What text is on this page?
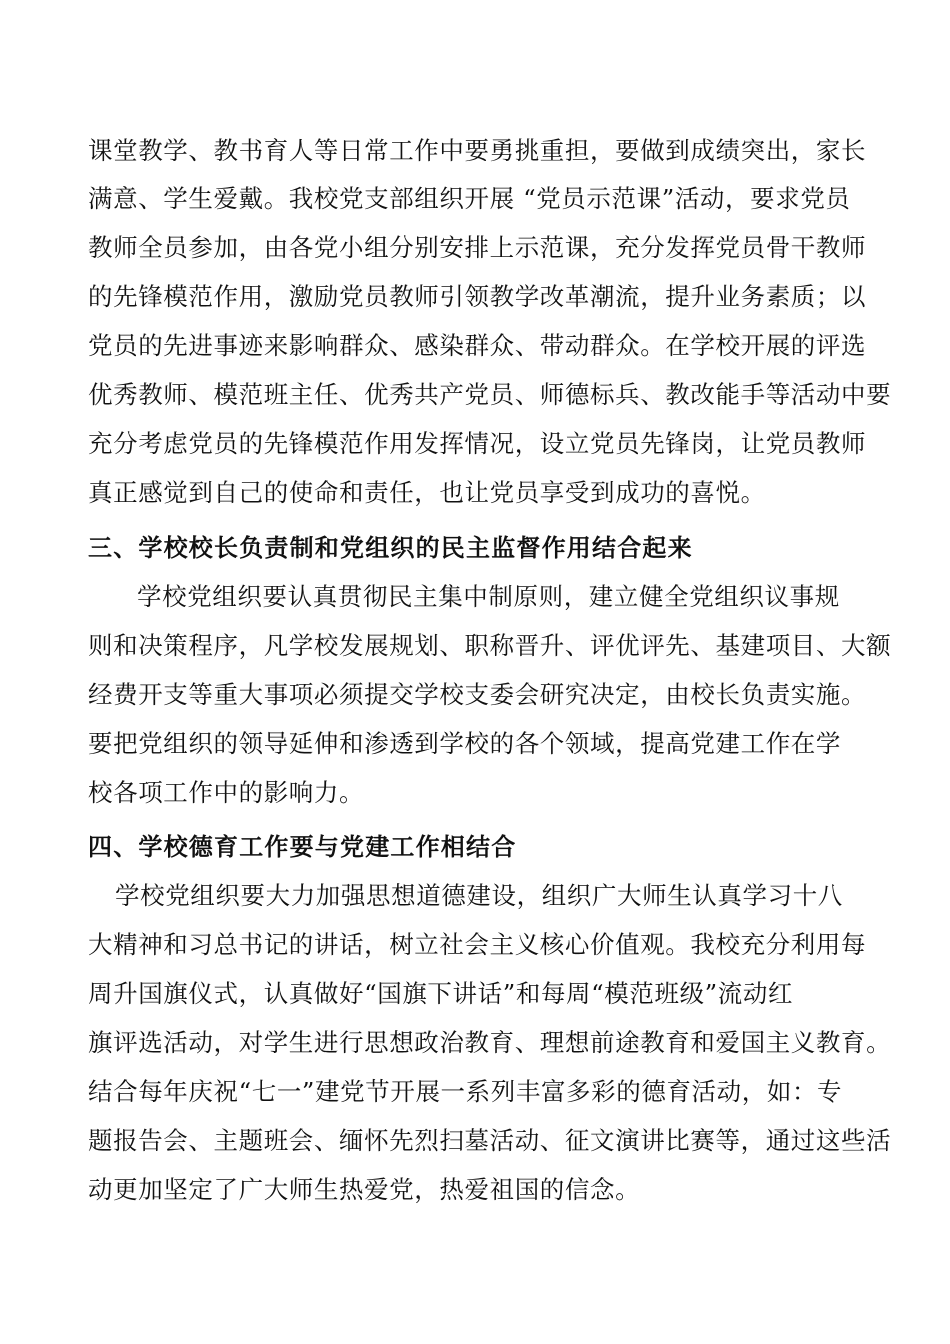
课堂教学、教书育人等日常工作中要勇挑重担，要做到成绩突出，家长
满意、学生爱戴。我校党支部组织开展 “党员示范课”活动，要求党员
教师全员参加，由各党小组分别安排上示范课，充分发挥党员骨干教师
的先锋模范作用，激励党员教师引领教学改革潮流，提升业务素质；以
党员的先进事迹来影响群众、感染群众、带动群众。在学校开展的评选
优秀教师、模范班主任、优秀共产党员、师德标兵、教改能手等活动中要
充分考虑党员的先锋模范作用发挥情况，设立党员先锋岗，让党员教师
真正感觉到自己的使命和责任，也让党员享受到成功的喜悦。
三、学校校长负责制和党组织的民主监督作用结合起来
学校党组织要认真贯彻民主集中制原则，建立健全党组织议事规
则和决策程序，凡学校发展规划、职称晋升、评优评先、基建项目、大额
经费开支等重大事项必须提交学校支委会研究决定，由校长负责实施。
要把党组织的领导延伸和渗透到学校的各个领域，提高党建工作在学
校各项工作中的影响力。
四、学校德育工作要与党建工作相结合
学校党组织要大力加强思想道德建设，组织广大师生认真学习十八
大精神和习总书记的讲话，树立社会主义核心价值观。我校充分利用每
周升国旗仪式，认真做好“国旗下讲话”和每周“模范班级”流动红
旗评选活动，对学生进行思想政治教育、理想前途教育和爱国主义教育。
结合每年庆祝“七一”建党节开展一系列丰富多彩的德育活动，如：专
题报告会、主题班会、缅怀先烈扫墓活动、征文演讲比赛等，通过这些活
动更加坚定了广大师生热爱党，热爱祖国的信念。
